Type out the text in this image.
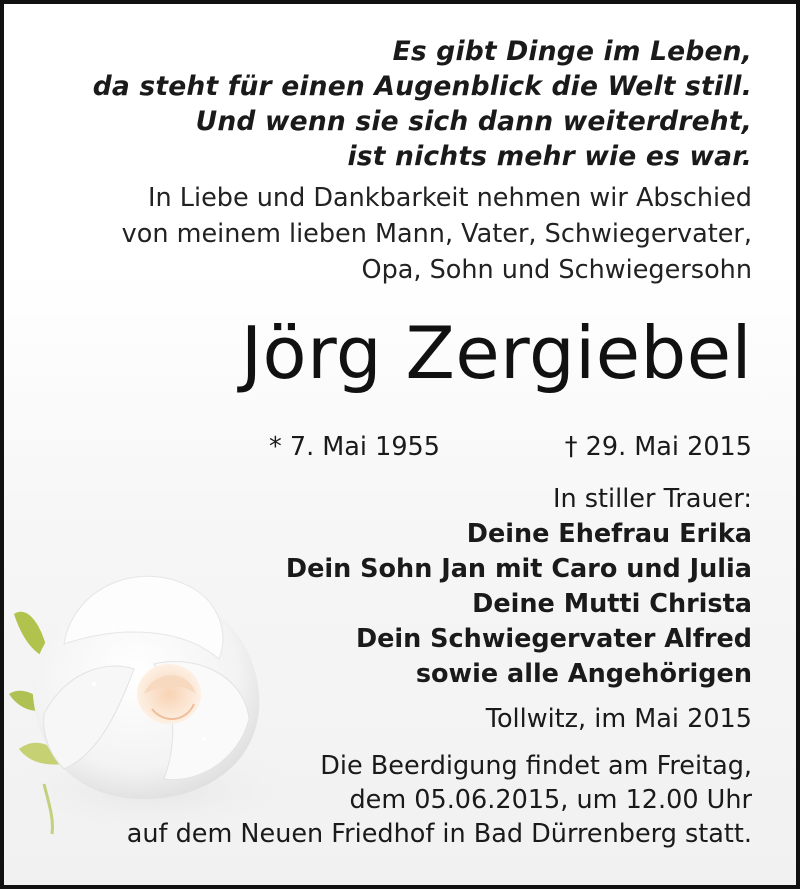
Es gibt Dinge im Leben,
da steht für einen Augenblick die Welt still.
Und wenn sie sich dann weiterdreht,
ist nichts mehr wie es war.
In Liebe und Dankbarkeit nehmen wir Abschied
von meinem lieben Mann, Vater, Schwiegervater,
Opa, Sohn und Schwiegersohn
Jörg Zergiebel
* 7. Mai 1955	† 29. Mai 2015
In stiller Trauer:
Deine Ehefrau Erika
Dein Sohn Jan mit Caro und Julia
Deine Mutti Christa
Dein Schwiegervater Alfred
sowie alle Angehörigen
Tollwitz, im Mai 2015
Die Beerdigung findet am Freitag,
dem 05.06.2015, um 12.00 Uhr
auf dem Neuen Friedhof in Bad Dürrenberg statt.
